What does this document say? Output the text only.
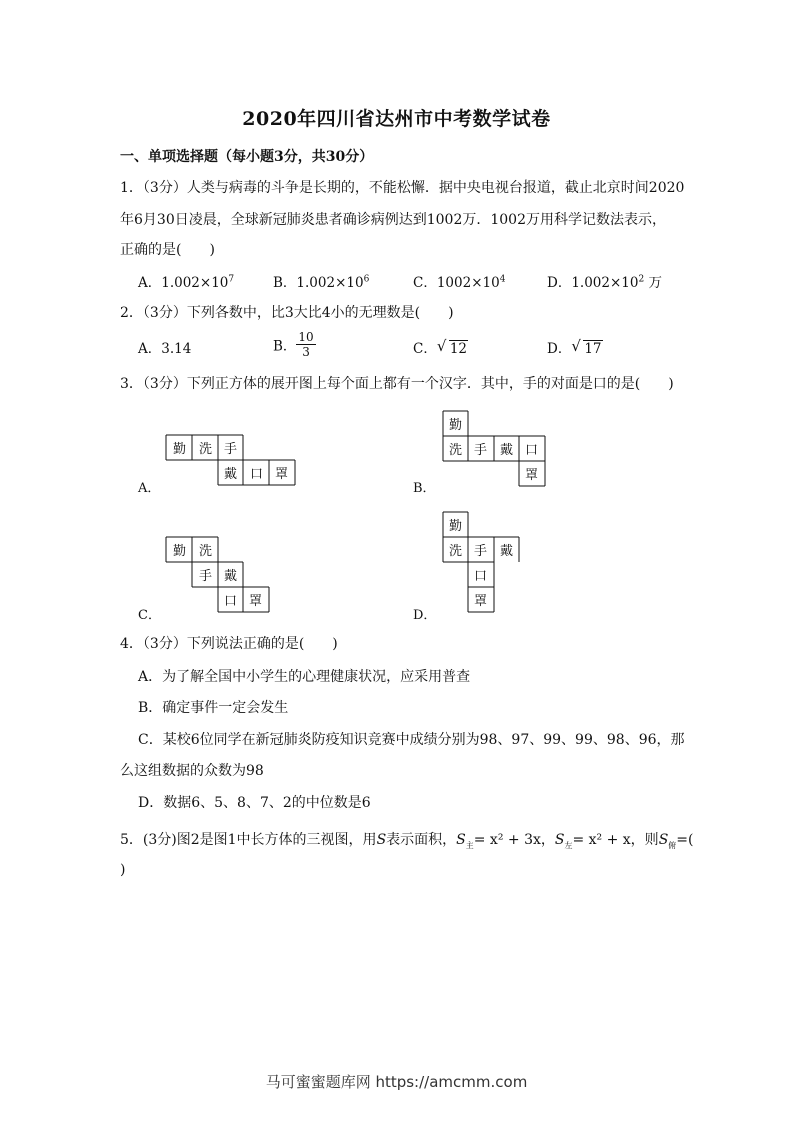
2020年四川省达州市中考数学试卷
一、单项选择题（每小题3分，共30分）
1．（3分）人类与病毒的斗争是长期的，不能松懈．据中央电视台报道，截止北京时间2020
年6月30日凌晨，全球新冠肺炎患者确诊病例达到1002万．1002万用科学记数法表示，
正确的是(　　)
A．$1.002\times 10^7$	B．$1.002\times 10^6$	C．$1002\times 10^4$	D．$1.002\times 10^2$ 万
2．（3分）下列各数中，比3大比4小的无理数是(　　)
A．3.14	B． $\frac{10}{3}$	C． √ 12	D． √ 17
3．（3分）下列正方体的展开图上每个面上都有一个汉字．其中，手的对面是口的是(　　)
勤 洗 手
戴 口 罩
A．
勤
洗 手 戴 口
罩
B．
勤 洗
手 戴
口 罩
C．
勤
洗 手 戴
口
罩
D．
4．（3分）下列说法正确的是(　　)
A．为了解全国中小学生的心理健康状况，应采用普查
B．确定事件一定会发生
C．某校6位同学在新冠肺炎防疫知识竞赛中成绩分别为98、97、99、99、98、96，那
么这组数据的众数为98
D．数据6、5、8、7、2的中位数是6
5．(3分)图2是图1中长方体的三视图，用S表示面积，$S_主= x^2 + 3x$，$S_左= x^2 + x$，则$S_俯=$(
)
马可蜜蜜题库网 https://amcmm.com
